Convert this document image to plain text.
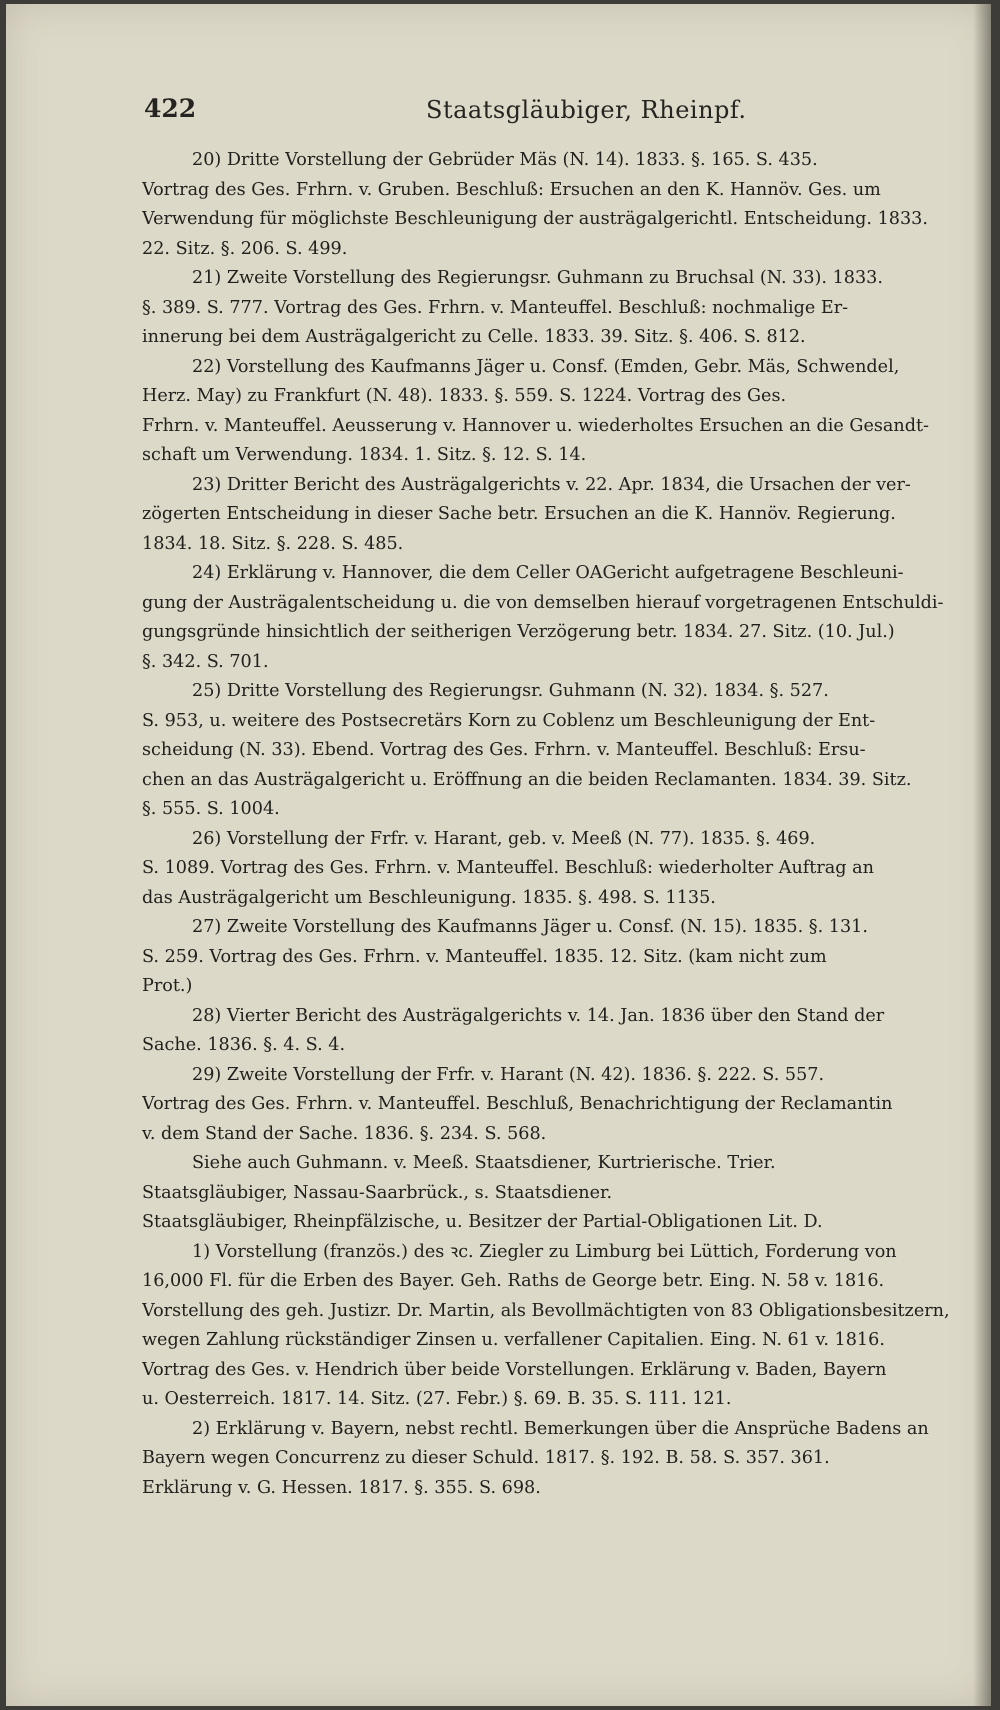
422	Staatsgläubiger, Rheinpf.
20) Dritte Vorstellung der Gebrüder Mäs (N. 14). 1833. §. 165. S. 435.
Vortrag des Ges. Frhrn. v. Gruben. Beschluß: Ersuchen an den K. Hannöv. Ges. um
Verwendung für möglichste Beschleunigung der austrägalgerichtl. Entscheidung. 1833.
22. Sitz. §. 206. S. 499.
21) Zweite Vorstellung des Regierungsr. Guhmann zu Bruchsal (N. 33). 1833.
§. 389. S. 777. Vortrag des Ges. Frhrn. v. Manteuffel. Beschluß: nochmalige Er-
innerung bei dem Austrägalgericht zu Celle. 1833. 39. Sitz. §. 406. S. 812.
22) Vorstellung des Kaufmanns Jäger u. Consf. (Emden, Gebr. Mäs, Schwendel,
Herz. May) zu Frankfurt (N. 48). 1833. §. 559. S. 1224. Vortrag des Ges.
Frhrn. v. Manteuffel. Aeusserung v. Hannover u. wiederholtes Ersuchen an die Gesandt-
schaft um Verwendung. 1834. 1. Sitz. §. 12. S. 14.
23) Dritter Bericht des Austrägalgerichts v. 22. Apr. 1834, die Ursachen der ver-
zögerten Entscheidung in dieser Sache betr. Ersuchen an die K. Hannöv. Regierung.
1834. 18. Sitz. §. 228. S. 485.
24) Erklärung v. Hannover, die dem Celler OAGericht aufgetragene Beschleuni-
gung der Austrägalentscheidung u. die von demselben hierauf vorgetragenen Entschuldi-
gungsgründe hinsichtlich der seitherigen Verzögerung betr. 1834. 27. Sitz. (10. Jul.)
§. 342. S. 701.
25) Dritte Vorstellung des Regierungsr. Guhmann (N. 32). 1834. §. 527.
S. 953, u. weitere des Postsecretärs Korn zu Coblenz um Beschleunigung der Ent-
scheidung (N. 33). Ebend. Vortrag des Ges. Frhrn. v. Manteuffel. Beschluß: Ersu-
chen an das Austrägalgericht u. Eröffnung an die beiden Reclamanten. 1834. 39. Sitz.
§. 555. S. 1004.
26) Vorstellung der Frfr. v. Harant, geb. v. Meeß (N. 77). 1835. §. 469.
S. 1089. Vortrag des Ges. Frhrn. v. Manteuffel. Beschluß: wiederholter Auftrag an
das Austrägalgericht um Beschleunigung. 1835. §. 498. S. 1135.
27) Zweite Vorstellung des Kaufmanns Jäger u. Consf. (N. 15). 1835. §. 131.
S. 259. Vortrag des Ges. Frhrn. v. Manteuffel. 1835. 12. Sitz. (kam nicht zum
Prot.)
28) Vierter Bericht des Austrägalgerichts v. 14. Jan. 1836 über den Stand der
Sache. 1836. §. 4. S. 4.
29) Zweite Vorstellung der Frfr. v. Harant (N. 42). 1836. §. 222. S. 557.
Vortrag des Ges. Frhrn. v. Manteuffel. Beschluß, Benachrichtigung der Reclamantin
v. dem Stand der Sache. 1836. §. 234. S. 568.
Siehe auch Guhmann. v. Meeß. Staatsdiener, Kurtrierische. Trier.
Staatsgläubiger, Nassau-Saarbrück., s. Staatsdiener.
Staatsgläubiger, Rheinpfälzische, u. Besitzer der Partial-Obligationen Lit. D.
1) Vorstellung (französ.) des ꝛc. Ziegler zu Limburg bei Lüttich, Forderung von
16,000 Fl. für die Erben des Bayer. Geh. Raths de George betr. Eing. N. 58 v. 1816.
Vorstellung des geh. Justizr. Dr. Martin, als Bevollmächtigten von 83 Obligationsbesitzern,
wegen Zahlung rückständiger Zinsen u. verfallener Capitalien. Eing. N. 61 v. 1816.
Vortrag des Ges. v. Hendrich über beide Vorstellungen. Erklärung v. Baden, Bayern
u. Oesterreich. 1817. 14. Sitz. (27. Febr.) §. 69. B. 35. S. 111. 121.
2) Erklärung v. Bayern, nebst rechtl. Bemerkungen über die Ansprüche Badens an
Bayern wegen Concurrenz zu dieser Schuld. 1817. §. 192. B. 58. S. 357. 361.
Erklärung v. G. Hessen. 1817. §. 355. S. 698.
